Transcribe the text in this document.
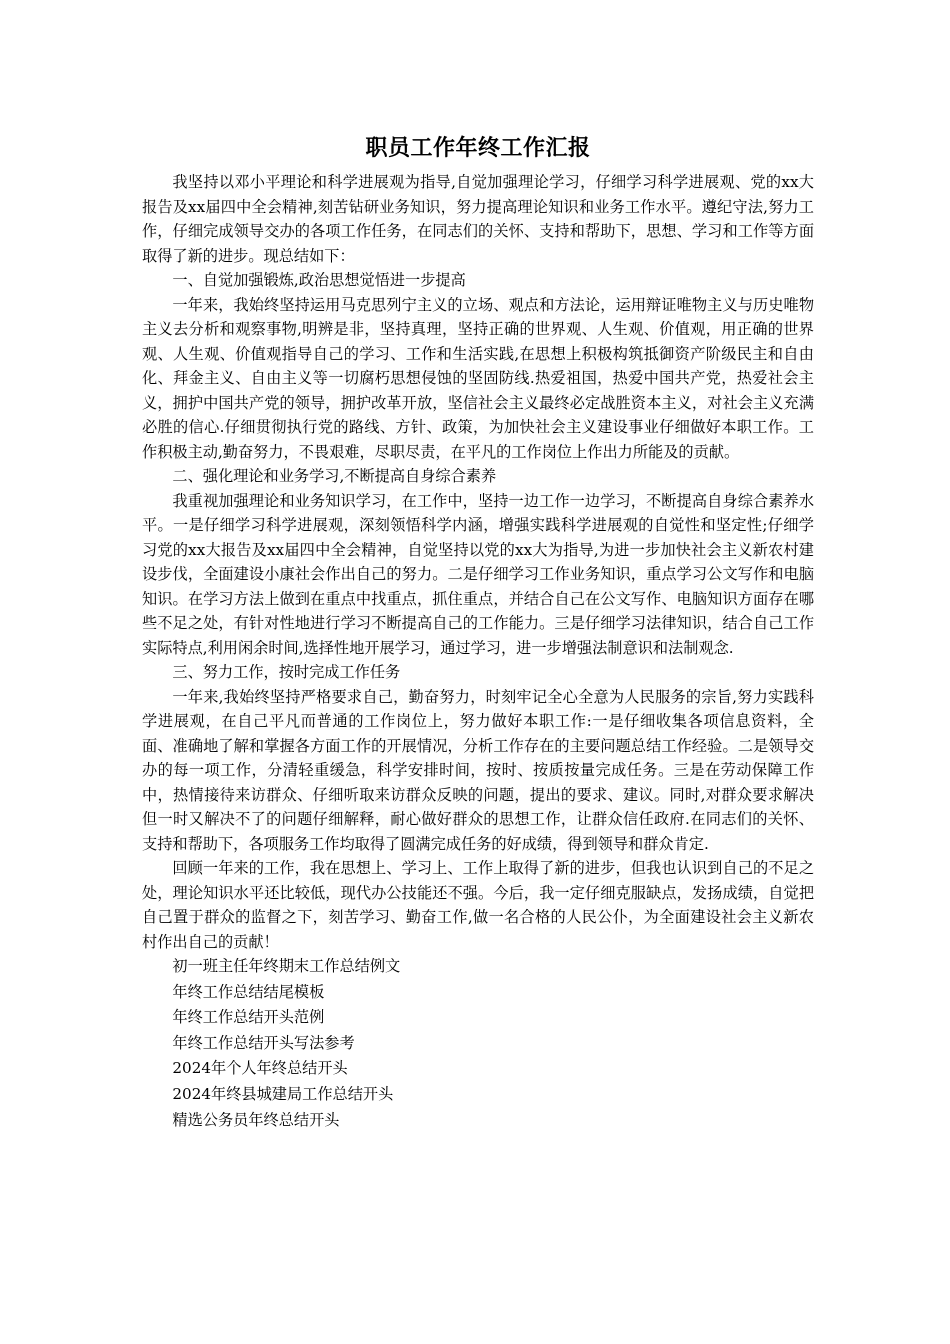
职员工作年终工作汇报

我坚持以邓小平理论和科学进展观为指导,自觉加强理论学习，仔细学习科学进展观、党的xx大报告及xx届四中全会精神,刻苦钻研业务知识，努力提高理论知识和业务工作水平。遵纪守法,努力工作，仔细完成领导交办的各项工作任务，在同志们的关怀、支持和帮助下，思想、学习和工作等方面取得了新的进步。现总结如下：

一、自觉加强锻炼,政治思想觉悟进一步提高

一年来，我始终坚持运用马克思列宁主义的立场、观点和方法论，运用辩证唯物主义与历史唯物主义去分析和观察事物,明辨是非，坚持真理，坚持正确的世界观、人生观、价值观，用正确的世界观、人生观、价值观指导自己的学习、工作和生活实践,在思想上积极构筑抵御资产阶级民主和自由化、拜金主义、自由主义等一切腐朽思想侵蚀的坚固防线.热爱祖国，热爱中国共产党，热爱社会主义，拥护中国共产党的领导，拥护改革开放，坚信社会主义最终必定战胜资本主义，对社会主义充满必胜的信心.仔细贯彻执行党的路线、方针、政策，为加快社会主义建设事业仔细做好本职工作。工作积极主动,勤奋努力，不畏艰难，尽职尽责，在平凡的工作岗位上作出力所能及的贡献。

二、强化理论和业务学习,不断提高自身综合素养

我重视加强理论和业务知识学习，在工作中，坚持一边工作一边学习，不断提高自身综合素养水平。一是仔细学习科学进展观，深刻领悟科学内涵，增强实践科学进展观的自觉性和坚定性;仔细学习党的xx大报告及xx届四中全会精神，自觉坚持以党的xx大为指导,为进一步加快社会主义新农村建设步伐，全面建设小康社会作出自己的努力。二是仔细学习工作业务知识，重点学习公文写作和电脑知识。在学习方法上做到在重点中找重点，抓住重点，并结合自己在公文写作、电脑知识方面存在哪些不足之处，有针对性地进行学习不断提高自己的工作能力。三是仔细学习法律知识，结合自己工作实际特点,利用闲余时间,选择性地开展学习，通过学习，进一步增强法制意识和法制观念.

三、努力工作，按时完成工作任务

一年来,我始终坚持严格要求自己，勤奋努力，时刻牢记全心全意为人民服务的宗旨,努力实践科学进展观，在自己平凡而普通的工作岗位上，努力做好本职工作:一是仔细收集各项信息资料，全面、准确地了解和掌握各方面工作的开展情况，分析工作存在的主要问题总结工作经验。二是领导交办的每一项工作，分清轻重缓急，科学安排时间，按时、按质按量完成任务。三是在劳动保障工作中，热情接待来访群众、仔细听取来访群众反映的问题，提出的要求、建议。同时,对群众要求解决但一时又解决不了的问题仔细解释，耐心做好群众的思想工作，让群众信任政府.在同志们的关怀、支持和帮助下，各项服务工作均取得了圆满完成任务的好成绩，得到领导和群众肯定.

回顾一年来的工作，我在思想上、学习上、工作上取得了新的进步，但我也认识到自己的不足之处，理论知识水平还比较低，现代办公技能还不强。今后，我一定仔细克服缺点，发扬成绩，自觉把自己置于群众的监督之下，刻苦学习、勤奋工作,做一名合格的人民公仆，为全面建设社会主义新农村作出自己的贡献！

初一班主任年终期末工作总结例文
年终工作总结结尾模板
年终工作总结开头范例
年终工作总结开头写法参考
2024年个人年终总结开头
2024年终县城建局工作总结开头
精选公务员年终总结开头
